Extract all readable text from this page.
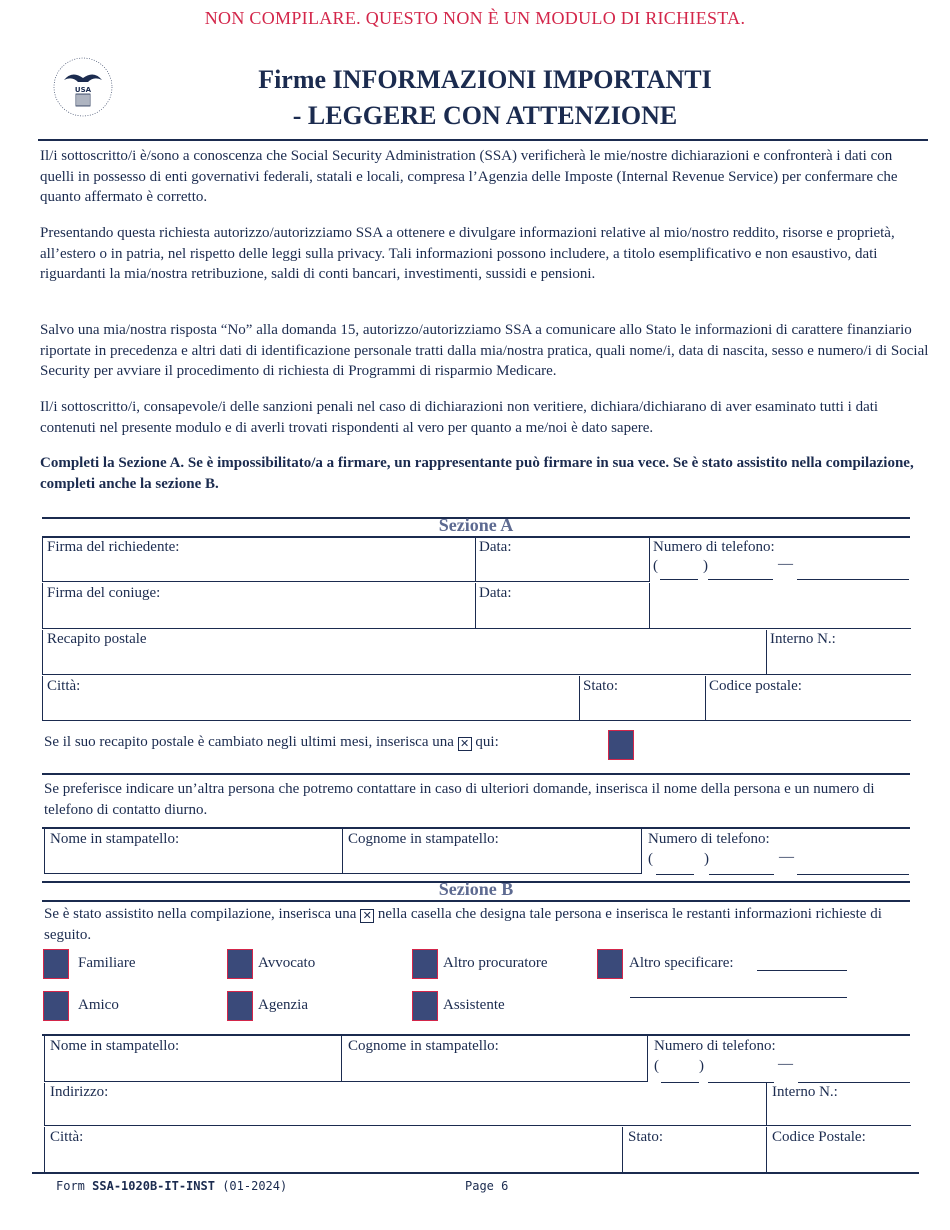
NON COMPILARE. QUESTO NON È UN MODULO DI RICHIESTA.
USA	Firme INFORMAZIONI IMPORTANTI
- LEGGERE CON ATTENZIONE
Il/i sottoscritto/i è/sono a conoscenza che Social Security Administration (SSA) verificherà le mie/nostre dichiarazioni e confronterà i dati con quelli in possesso di enti governativi federali, statali e locali, compresa l’Agenzia delle Imposte (Internal Revenue Service) per confermare che quanto affermato è corretto.
Presentando questa richiesta autorizzo/autorizziamo SSA a ottenere e divulgare informazioni relative al mio/nostro reddito, risorse e proprietà, all’estero o in patria, nel rispetto delle leggi sulla privacy. Tali informazioni possono includere, a titolo esemplificativo e non esaustivo, dati riguardanti la mia/nostra retribuzione, saldi di conti bancari, investimenti, sussidi e pensioni.
Salvo una mia/nostra risposta “No” alla domanda 15, autorizzo/autorizziamo SSA a comunicare allo Stato le informazioni di carattere finanziario riportate in precedenza e altri dati di identificazione personale tratti dalla mia/nostra pratica, quali nome/i, data di nascita, sesso e numero/i di Social Security per avviare il procedimento di richiesta di Programmi di risparmio Medicare.
Il/i sottoscritto/i, consapevole/i delle sanzioni penali nel caso di dichiarazioni non veritiere, dichiara/dichiarano di aver esaminato tutti i dati contenuti nel presente modulo e di averli trovati rispondenti al vero per quanto a me/noi è dato sapere.
Completi la Sezione A. Se è impossibilitato/a a firmare, un rappresentante può firmare in sua vece. Se è stato assistito nella compilazione, completi anche la sezione B.
Sezione A
Firma del richiedente:	Data:	Numero di telefono:
(	)	—
Firma del coniuge:	Data:
Recapito postale	Interno N.:
Città:	Stato:	Codice postale:
Se il suo recapito postale è cambiato negli ultimi mesi, inserisca una ✕ qui:
Se preferisce indicare un’altra persona che potremo contattare in caso di ulteriori domande, inserisca il nome della persona e un numero di telefono di contatto diurno.
Nome in stampatello:	Cognome in stampatello:	Numero di telefono:
(	)	—
Sezione B
Se è stato assistito nella compilazione, inserisca una ✕ nella casella che designa tale persona e inserisca le restanti informazioni richieste di seguito.
Familiare	Avvocato	Altro procuratore	Altro specificare:
Amico	Agenzia	Assistente
Nome in stampatello:	Cognome in stampatello:	Numero di telefono:
(	)	—
Indirizzo:	Interno N.:
Città:	Stato:	Codice Postale:
Form SSA-1020B-IT-INST (01-2024)	Page 6
